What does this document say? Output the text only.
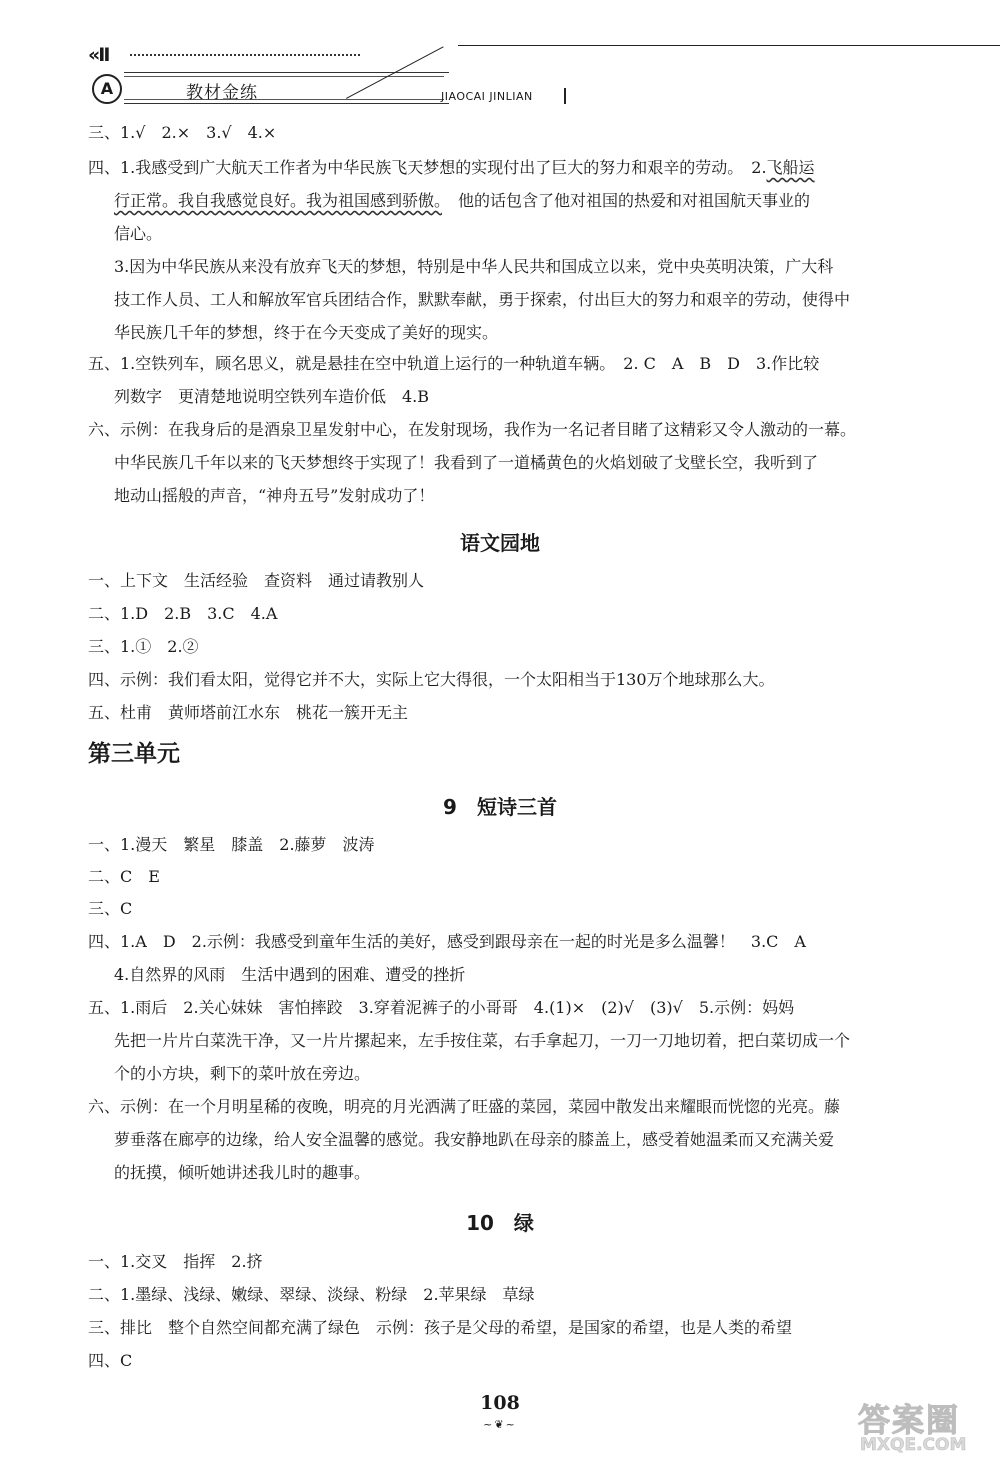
«II
A	教材金练	JIAOCAI JINLIAN
三、1.√　2.×　3.√　4.×
四、1.我感受到广大航天工作者为中华民族飞天梦想的实现付出了巨大的努力和艰辛的劳动。　2.飞船运
行正常。我自我感觉良好。我为祖国感到骄傲。　他的话包含了他对祖国的热爱和对祖国航天事业的
信心。
3.因为中华民族从来没有放弃飞天的梦想，特别是中华人民共和国成立以来，党中央英明决策，广大科
技工作人员、工人和解放军官兵团结合作，默默奉献，勇于探索，付出巨大的努力和艰辛的劳动，使得中
华民族几千年的梦想，终于在今天变成了美好的现实。
五、1.空铁列车，顾名思义，就是悬挂在空中轨道上运行的一种轨道车辆。　2. C　A　B　D　3.作比较
列数字　更清楚地说明空铁列车造价低　4.B
六、示例：在我身后的是酒泉卫星发射中心，在发射现场，我作为一名记者目睹了这精彩又令人激动的一幕。
中华民族几千年以来的飞天梦想终于实现了！我看到了一道橘黄色的火焰划破了戈壁长空，我听到了
地动山摇般的声音，“神舟五号”发射成功了！
语文园地
一、上下文　生活经验　查资料　通过请教别人
二、1.D　2.B　3.C　4.A
三、1.①　2.②
四、示例：我们看太阳，觉得它并不大，实际上它大得很，一个太阳相当于130万个地球那么大。
五、杜甫　黄师塔前江水东　桃花一簇开无主
第三单元
9　短诗三首
一、1.漫天　繁星　膝盖　2.藤萝　波涛
二、C　E
三、C
四、1.A　D　2.示例：我感受到童年生活的美好，感受到跟母亲在一起的时光是多么温馨！　3.C　A
4.自然界的风雨　生活中遇到的困难、遭受的挫折
五、1.雨后　2.关心妹妹　害怕摔跤　3.穿着泥裤子的小哥哥　4.(1)×　(2)√　(3)√　5.示例：妈妈
先把一片片白菜洗干净，又一片片摞起来，左手按住菜，右手拿起刀，一刀一刀地切着，把白菜切成一个
个的小方块，剩下的菜叶放在旁边。
六、示例：在一个月明星稀的夜晚，明亮的月光洒满了旺盛的菜园，菜园中散发出来耀眼而恍惚的光亮。藤
萝垂落在廊亭的边缘，给人安全温馨的感觉。我安静地趴在母亲的膝盖上，感受着她温柔而又充满关爱
的抚摸，倾听她讲述我儿时的趣事。
10　绿
一、1.交叉　指挥　2.挤
二、1.墨绿、浅绿、嫩绿、翠绿、淡绿、粉绿　2.苹果绿　草绿
三、排比　整个自然空间都充满了绿色　示例：孩子是父母的希望，是国家的希望，也是人类的希望
四、C
108
~❦~	答案圈
MXQE.COM
